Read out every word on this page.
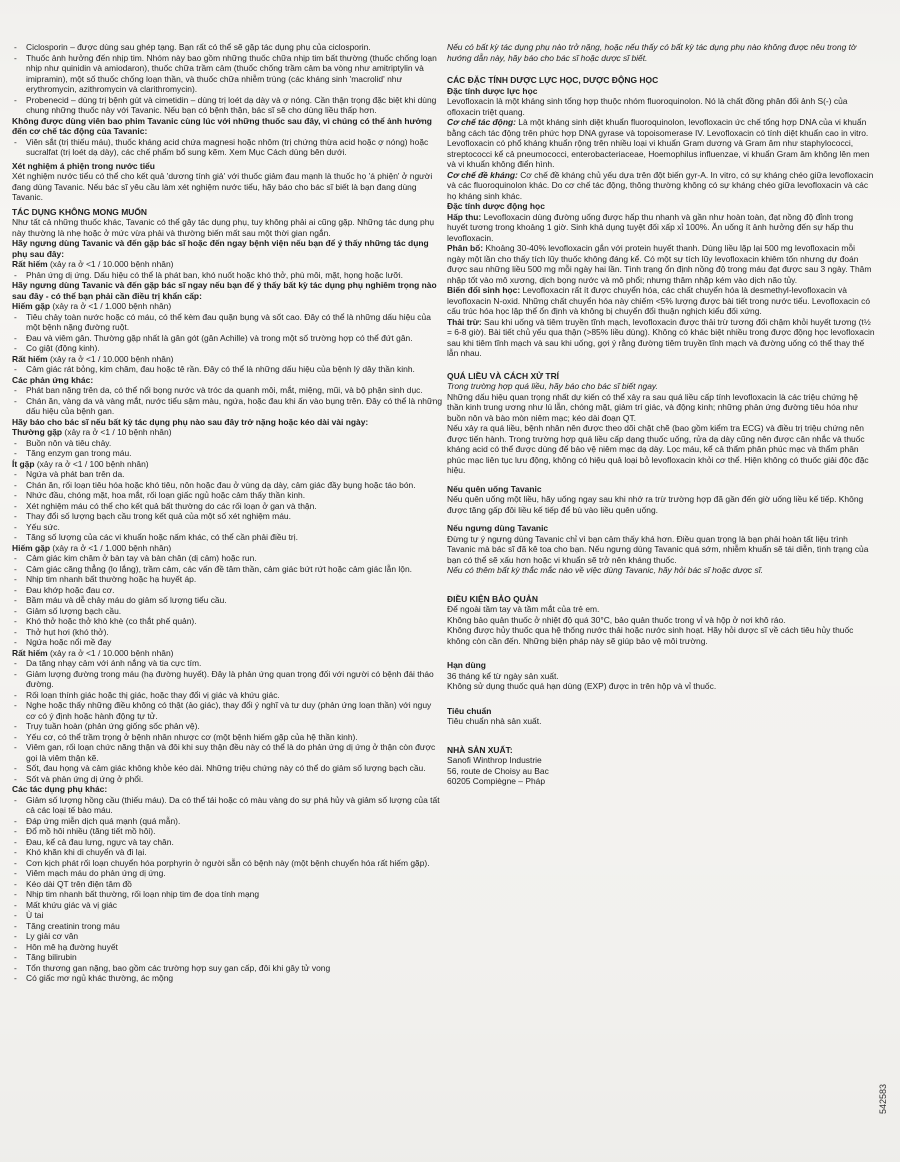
- Ciclosporin – được dùng sau ghép tạng. Bạn rất có thể sẽ gặp tác dụng phụ của ciclosporin.
- Thuốc ảnh hưởng đến nhịp tim. Nhóm này bao gồm những thuốc chữa nhịp tim bất thường (thuốc chống loạn nhịp như quinidin và amiodaron), thuốc chữa trầm cảm (thuốc chống trầm cảm ba vòng như amitriptylin và imipramin), một số thuốc chống loạn thần, và thuốc chữa nhiễm trùng (các kháng sinh 'macrolid' như erythromycin, azithromycin và clarithromycin).
- Probenecid – dùng trị bệnh gút và cimetidin – dùng trị loét dạ dày và ợ nóng. Cần thận trọng đặc biệt khi dùng chung những thuốc này với Tavanic. Nếu bạn có bệnh thận, bác sĩ sẽ cho dùng liều thấp hơn.

Không được dùng viên bao phim Tavanic cùng lúc với những thuốc sau đây, vì chúng có thể ảnh hưởng đến cơ chế tác động của Tavanic:

- Viên sắt (trị thiếu máu), thuốc kháng acid chứa magnesi hoặc nhôm (trị chứng thừa acid hoặc ợ nóng) hoặc sucralfat (trị loét dạ dày), các chế phẩm bổ sung kẽm. Xem Mục Cách dùng bên dưới.

Xét nghiệm á phiện trong nước tiểu

Xét nghiệm nước tiểu có thể cho kết quả 'dương tính giả' với thuốc giảm đau mạnh là thuốc họ 'á phiện' ở người đang dùng Tavanic. Nếu bác sĩ yêu cầu làm xét nghiệm nước tiểu, hãy báo cho bác sĩ biết là bạn đang dùng Tavanic.

TÁC DỤNG KHÔNG MONG MUỐN

Như tất cả những thuốc khác, Tavanic có thể gây tác dụng phụ, tuy không phải ai cũng gặp. Những tác dụng phụ này thường là nhẹ hoặc ở mức vừa phải và thường biến mất sau một thời gian ngắn.

Hãy ngưng dùng Tavanic và đến gặp bác sĩ hoặc đến ngay bệnh viện nếu bạn để ý thấy những tác dụng phụ sau đây:

Rất hiếm (xảy ra ở <1 / 10.000 bệnh nhân)

- Phản ứng dị ứng. Dấu hiệu có thể là phát ban, khó nuốt hoặc khó thở, phù môi, mặt, họng hoặc lưỡi.

Hãy ngưng dùng Tavanic và đến gặp bác sĩ ngay nếu bạn để ý thấy bất kỳ tác dụng phụ nghiêm trọng nào sau đây - có thể bạn phải cần điều trị khẩn cấp:

Hiếm gặp (xảy ra ở <1 / 1.000 bệnh nhân)

- Tiêu chảy toàn nước hoặc có máu, có thể kèm đau quặn bụng và sốt cao. Đây có thể là những dấu hiệu của một bệnh nặng đường ruột.
- Đau và viêm gân. Thường gặp nhất là gân gót (gân Achille) và trong một số trường hợp có thể đứt gân.
- Co giật (động kinh).

Rất hiếm (xảy ra ở <1 / 10.000 bệnh nhân)

- Cảm giác rát bỏng, kim châm, đau hoặc tê rần. Đây có thể là những dấu hiệu của bệnh lý dây thần kinh.

Các phản ứng khác:

- Phát ban nặng trên da, có thể nổi bọng nước và tróc da quanh môi, mắt, miệng, mũi, và bộ phận sinh dục.
- Chán ăn, vàng da và vàng mắt, nước tiểu sậm màu, ngứa, hoặc đau khi ấn vào bụng trên. Đây có thể là những dấu hiệu của bệnh gan.

Hãy báo cho bác sĩ nếu bất kỳ tác dụng phụ nào sau đây trở nặng hoặc kéo dài vài ngày:

Thường gặp (xảy ra ở <1 / 10 bệnh nhân)

- Buồn nôn và tiêu chảy.
- Tăng enzym gan trong máu.

Ít gặp (xảy ra ở <1 / 100 bệnh nhân)

- Ngứa và phát ban trên da.
- Chán ăn, rối loạn tiêu hóa hoặc khó tiêu, nôn hoặc đau ở vùng dạ dày, cảm giác đầy bụng hoặc táo bón.
- Nhức đầu, chóng mặt, hoa mắt, rối loạn giấc ngủ hoặc cảm thấy thần kinh.
- Xét nghiệm máu có thể cho kết quả bất thường do các rối loạn ở gan và thận.
- Thay đổi số lượng bạch cầu trong kết quả của một số xét nghiệm máu.
- Yếu sức.
- Tăng số lượng của các vi khuẩn hoặc nấm khác, có thể cần phải điều trị.

Hiếm gặp (xảy ra ở <1 / 1.000 bệnh nhân)

- Cảm giác kim châm ở bàn tay và bàn chân (dị cảm) hoặc run.
- Cảm giác căng thẳng (lo lắng), trầm cảm, các vấn đề tâm thần, cảm giác bứt rứt hoặc cảm giác lẫn lộn.
- Nhịp tim nhanh bất thường hoặc hạ huyết áp.
- Đau khớp hoặc đau cơ.
- Bầm máu và dễ chảy máu do giảm số lượng tiểu cầu.
- Giảm số lượng bạch cầu.
- Khó thở hoặc thở khò khè (co thắt phế quản).
- Thở hụt hơi (khó thở).
- Ngứa hoặc nổi mề đay

Rất hiếm (xảy ra ở <1 / 10.000 bệnh nhân)

- Da tăng nhạy cảm với ánh nắng và tia cực tím.
- Giảm lượng đường trong máu (hạ đường huyết). Đây là phản ứng quan trọng đối với người có bệnh đái tháo đường.
- Rối loạn thính giác hoặc thị giác, hoặc thay đổi vị giác và khứu giác.
- Nghe hoặc thấy những điều không có thật (ảo giác), thay đổi ý nghĩ và tư duy (phản ứng loạn thần) với nguy cơ có ý định hoặc hành động tự tử.
- Trụy tuần hoàn (phản ứng giống sốc phản vệ).
- Yếu cơ, có thể trầm trọng ở bệnh nhân nhược cơ (một bệnh hiếm gặp của hệ thần kinh).
- Viêm gan, rối loạn chức năng thận và đôi khi suy thận đều này có thể là do phản ứng dị ứng ở thận còn được gọi là viêm thận kẽ.
- Sốt, đau họng và cảm giác không khỏe kéo dài. Những triệu chứng này có thể do giảm số lượng bạch cầu.
- Sốt và phản ứng dị ứng ở phổi.

Các tác dụng phụ khác:

- Giảm số lượng hồng cầu (thiếu máu). Da có thể tái hoặc có màu vàng do sự phá hủy và giảm số lượng của tất cả các loại tế bào máu.
- Đáp ứng miễn dịch quá mạnh (quá mẫn).
- Đổ mồ hôi nhiều (tăng tiết mồ hôi).
- Đau, kể cả đau lưng, ngực và tay chân.
- Khó khăn khi di chuyển và đi lại.
- Cơn kịch phát rối loạn chuyển hóa porphyrin ở người sẵn có bệnh này (một bệnh chuyển hóa rất hiếm gặp).
- Viêm mạch máu do phản ứng dị ứng.
- Kéo dài QT trên điện tâm đồ
- Nhịp tim nhanh bất thường, rối loạn nhịp tim đe dọa tính mạng
- Mất khứu giác và vị giác
- Ù tai
- Tăng creatinin trong máu
- Ly giải cơ vân
- Hôn mê hạ đường huyết
- Tăng bilirubin
- Tổn thương gan nặng, bao gồm các trường hợp suy gan cấp, đôi khi gây tử vong
- Có giấc mơ ngủ khác thường, ác mộng

Nếu có bất kỳ tác dụng phụ nào trở nặng, hoặc nếu thấy có bất kỳ tác dụng phụ nào không được nêu trong tờ hướng dẫn này, hãy báo cho bác sĩ hoặc dược sĩ biết.

CÁC ĐẶC TÍNH DƯỢC LỰC HỌC, DƯỢC ĐỘNG HỌC

Đặc tính dược lực học

Levofloxacin là một kháng sinh tổng hợp thuộc nhóm fluoroquinolon. Nó là chất đồng phân đối ảnh S(-) của ofloxacin triệt quang.

Cơ chế tác động: Là một kháng sinh diệt khuẩn fluoroquinolon, levofloxacin ức chế tổng hợp DNA của vi khuẩn bằng cách tác động trên phức hợp DNA gyrase và topoisomerase IV. Levofloxacin có tính diệt khuẩn cao in vitro. Levofloxacin có phổ kháng khuẩn rộng trên nhiều loại vi khuẩn Gram dương và Gram âm như staphylococci, streptococci kể cả pneumococci, enterobacteriaceae, Hoemophilus influenzae, vi khuẩn Gram âm không lên men và vi khuẩn không điển hình.

Cơ chế đề kháng: Cơ chế đề kháng chủ yếu dựa trên đột biến gyr-A. In vitro, có sự kháng chéo giữa levofloxacin và các fluoroquinolon khác. Do cơ chế tác động, thông thường không có sự kháng chéo giữa levofloxacin và các họ kháng sinh khác.

Đặc tính dược động học

Hấp thu: Levofloxacin dùng đường uống được hấp thu nhanh và gần như hoàn toàn, đạt nồng độ đỉnh trong huyết tương trong khoảng 1 giờ. Sinh khả dụng tuyệt đối xấp xỉ 100%. Ăn uống ít ảnh hưởng đến sự hấp thu levofloxacin.

Phân bố: Khoảng 30-40% levofloxacin gắn với protein huyết thanh. Dùng liều lặp lại 500 mg levofloxacin mỗi ngày một lần cho thấy tích lũy thuốc không đáng kể. Có một sự tích lũy levofloxacin khiêm tốn nhưng dự đoán được sau những liều 500 mg mỗi ngày hai lần. Tình trạng ổn định nồng độ trong máu đạt được sau 3 ngày. Thâm nhập tốt vào mô xương, dịch bọng nước và mô phổi; nhưng thâm nhập kém vào dịch não tủy.

Biến đổi sinh học: Levofloxacin rất ít được chuyển hóa, các chất chuyển hóa là desmethyl-levofloxacin và levofloxacin N-oxid. Những chất chuyển hóa này chiếm <5% lượng được bài tiết trong nước tiểu. Levofloxacin có cấu trúc hóa học lập thể ổn định và không bị chuyển đổi thuận nghịch kiểu đối xứng.

Thải trừ: Sau khi uống và tiêm truyền tĩnh mạch, levofloxacin được thải trừ tương đối chậm khỏi huyết tương (t½ = 6-8 giờ). Bài tiết chủ yếu qua thận (>85% liều dùng). Không có khác biệt nhiều trong được động học levofloxacin sau khi tiêm tĩnh mạch và sau khi uống, gợi ý rằng đường tiêm truyền tĩnh mạch và đường uống có thể thay thế lẫn nhau.

QUÁ LIỀU VÀ CÁCH XỬ TRÍ

Trong trường hợp quá liều, hãy báo cho bác sĩ biết ngay.

Những dấu hiệu quan trọng nhất dự kiến có thể xảy ra sau quá liều cấp tính levofloxacin là các triệu chứng hệ thần kinh trung ương như lú lẫn, chóng mặt, giảm trí giác, và động kinh; những phản ứng đường tiêu hóa như buồn nôn và bào mòn niêm mạc; kéo dài đoạn QT.

Nếu xảy ra quá liều, bệnh nhân nên được theo dõi chặt chẽ (bao gồm kiểm tra ECG) và điều trị triệu chứng nên được tiến hành. Trong trường hợp quá liều cấp dạng thuốc uống, rửa dạ dày cũng nên được cân nhắc và thuốc kháng acid có thể được dùng để bảo vệ niêm mạc dạ dày. Lọc máu, kể cả thẩm phân phúc mạc và thẩm phân phúc mạc liên tục lưu động, không có hiệu quả loại bỏ levofloxacin khỏi cơ thể. Hiện không có thuốc giải độc đặc hiệu.

Nếu quên uống Tavanic

Nếu quên uống một liều, hãy uống ngay sau khi nhớ ra trừ trường hợp đã gần đến giờ uống liều kế tiếp. Không được tăng gấp đôi liều kế tiếp để bù vào liều quên uống.

Nếu ngưng dùng Tavanic

Đừng tự ý ngưng dùng Tavanic chỉ vì bạn cảm thấy khá hơn. Điều quan trọng là bạn phải hoàn tất liệu trình Tavanic mà bác sĩ đã kê toa cho bạn. Nếu ngưng dùng Tavanic quá sớm, nhiễm khuẩn sẽ tái diễn, tình trạng của bạn có thể sẽ xấu hơn hoặc vi khuẩn sẽ trở nên kháng thuốc.

Nếu có thêm bất kỳ thắc mắc nào về việc dùng Tavanic, hãy hỏi bác sĩ hoặc dược sĩ.

ĐIỀU KIỆN BẢO QUẢN

Để ngoài tầm tay và tầm mắt của trẻ em.

Không bảo quản thuốc ở nhiệt độ quá 30°C, bảo quản thuốc trong vỉ và hộp ở nơi khô ráo.

Không được hủy thuốc qua hệ thống nước thải hoặc nước sinh hoạt. Hãy hỏi dược sĩ về cách tiêu hủy thuốc không còn cần đến. Những biện pháp này sẽ giúp bảo vệ môi trường.

Hạn dùng

36 tháng kể từ ngày sản xuất.

Không sử dụng thuốc quá hạn dùng (EXP) được in trên hộp và vỉ thuốc.

Tiêu chuẩn

Tiêu chuẩn nhà sản xuất.

NHÀ SẢN XUẤT:

Sanofi Winthrop Industrie

56, route de Choisy au Bac

60205 Compiègne – Pháp

542583
